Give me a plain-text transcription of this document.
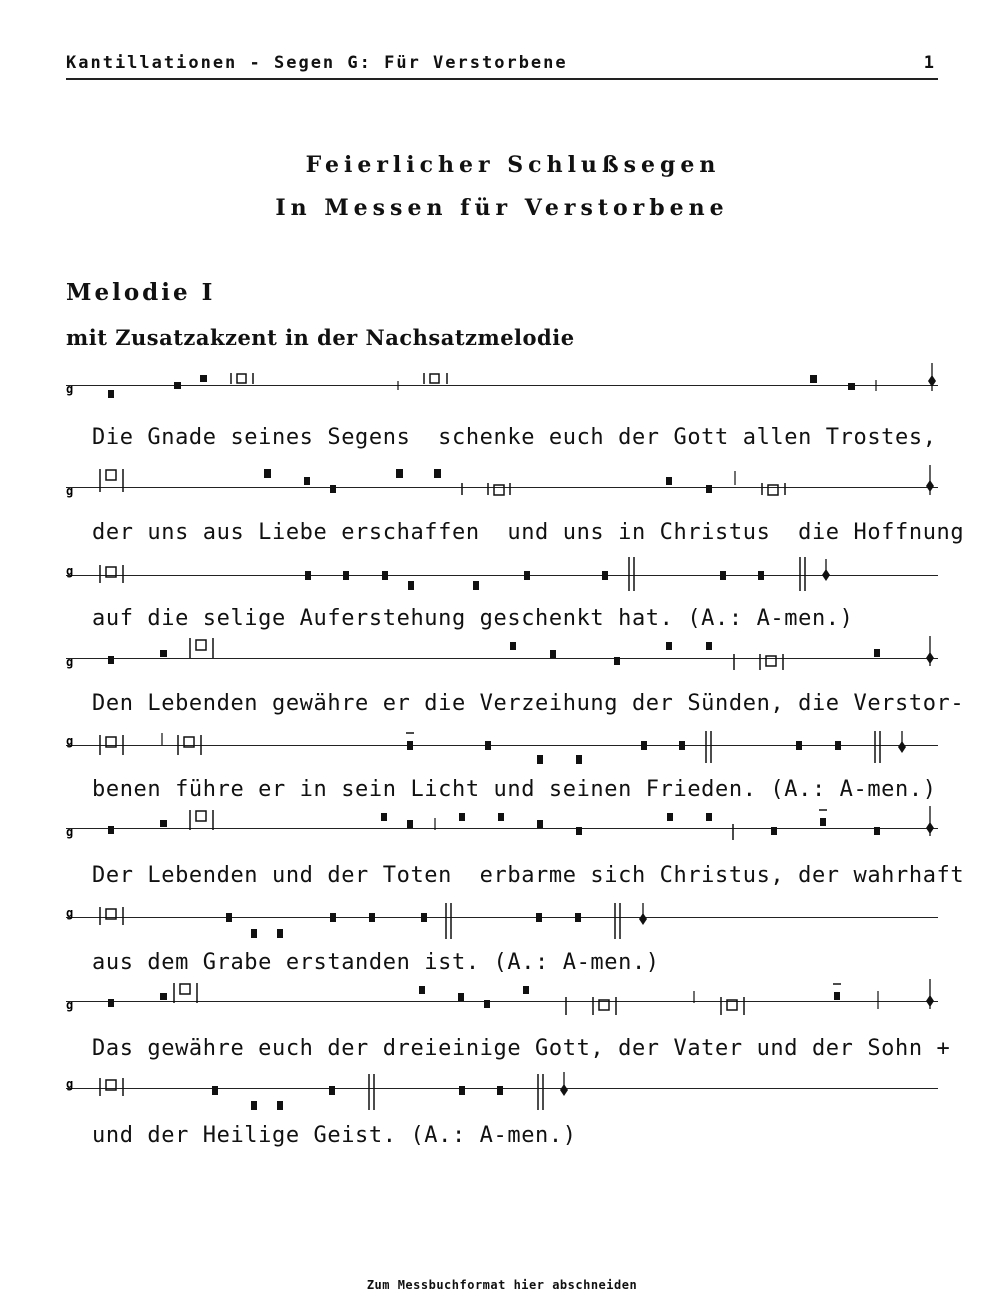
Kantillationen - Segen G: Für Verstorbene	1
Feierlicher Schlußsegen
In Messen für Verstorbene
Melodie I
mit Zusatzakzent in der Nachsatzmelodie
g
Die Gnade seines Segens  schenke euch der Gott allen Trostes,
g
der uns aus Liebe erschaffen  und uns in Christus  die Hoffnung
g
auf die selige Auferstehung geschenkt hat. (A.: A-men.)
g
Den Lebenden gewähre er die Verzeihung der Sünden, die Verstor-
g
benen führe er in sein Licht und seinen Frieden. (A.: A-men.)
g
Der Lebenden und der Toten  erbarme sich Christus, der wahrhaft
g
aus dem Grabe erstanden ist. (A.: A-men.)
g
Das gewähre euch der dreieinige Gott, der Vater und der Sohn +
g
und der Heilige Geist. (A.: A-men.)
Zum Messbuchformat hier abschneiden
